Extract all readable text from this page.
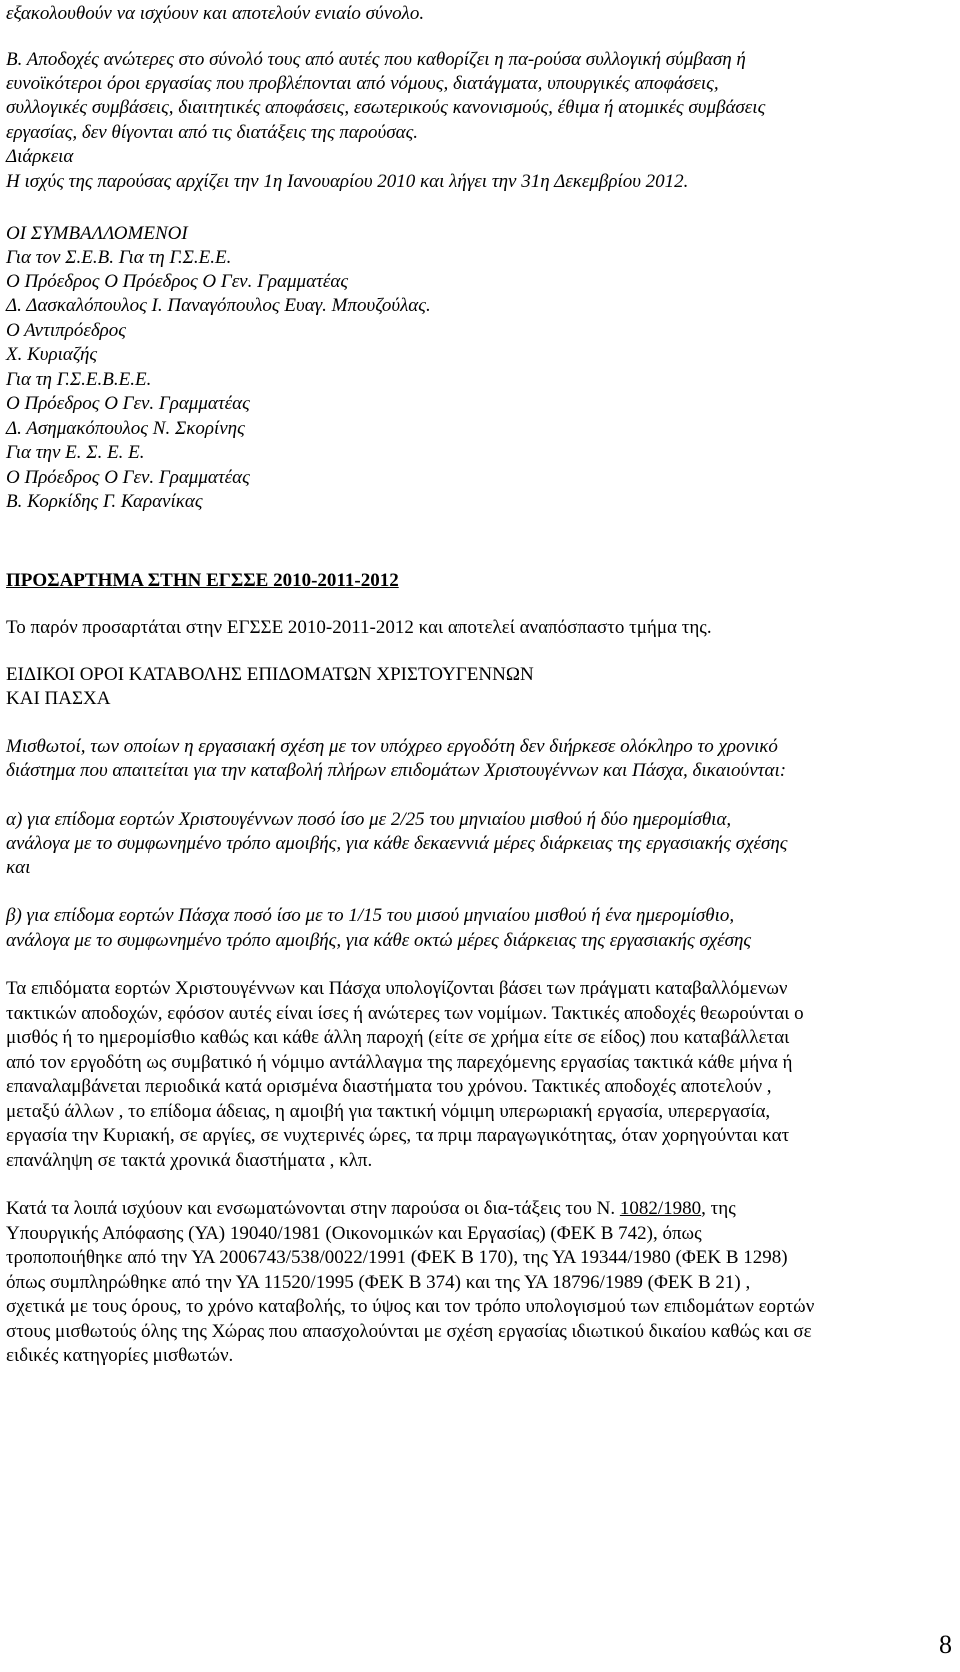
εξακολουθούν να ισχύουν και αποτελούν ενιαίο σύνολο.
Β. Αποδοχές ανώτερες στο σύνολό τους από αυτές που καθορίζει η πα-ρούσα συλλογική σύμβαση ή
ευνοϊκότεροι όροι εργασίας που προβλέπονται από νόμους, διατάγματα, υπουργικές αποφάσεις,
συλλογικές συμβάσεις, διαιτητικές αποφάσεις, εσωτερικούς κανονισμούς, έθιμα ή ατομικές συμβάσεις
εργασίας, δεν θίγονται από τις διατάξεις της παρούσας.
Διάρκεια
Η ισχύς της παρούσας αρχίζει την 1η Ιανουαρίου 2010 και λήγει την 31η Δεκεμβρίου 2012.
ΟΙ ΣΥΜΒΑΛΛΟΜΕΝΟΙ
Για τον Σ.Ε.Β. Για τη Γ.Σ.Ε.Ε.
Ο Πρόεδρος Ο Πρόεδρος Ο Γεν. Γραμματέας
Δ. Δασκαλόπουλος Ι. Παναγόπουλος Ευαγ. Μπουζούλας.
Ο Αντιπρόεδρος
Χ. Κυριαζής
Για τη Γ.Σ.Ε.Β.Ε.Ε.
Ο Πρόεδρος Ο Γεν. Γραμματέας
Δ. Ασημακόπουλος Ν. Σκορίνης
Για την Ε. Σ. Ε. Ε.
Ο Πρόεδρος Ο Γεν. Γραμματέας
Β. Κορκίδης Γ. Καρανίκας
ΠΡΟΣΑΡΤΗΜΑ ΣΤΗΝ ΕΓΣΣΕ 2010-2011-2012
Το παρόν προσαρτάται στην ΕΓΣΣΕ 2010-2011-2012 και αποτελεί αναπόσπαστο τμήμα της.
ΕΙΔΙΚΟΙ ΟΡΟΙ ΚΑΤΑΒΟΛΗΣ ΕΠΙΔΟΜΑΤΩΝ ΧΡΙΣΤΟΥΓΕΝΝΩΝ
ΚΑΙ ΠΑΣΧΑ
Μισθωτοί, των οποίων η εργασιακή σχέση με τον υπόχρεο εργοδότη δεν διήρκεσε ολόκληρο το χρονικό
διάστημα που απαιτείται για την καταβολή πλήρων επιδομάτων Χριστουγέννων και Πάσχα, δικαιούνται:
α) για επίδομα εορτών Χριστουγέννων ποσό ίσο με 2/25 του μηνιαίου μισθού ή δύο ημερομίσθια,
ανάλογα με το συμφωνημένο τρόπο αμοιβής, για κάθε δεκαεννιά μέρες διάρκειας της εργασιακής σχέσης
και
β) για επίδομα εορτών Πάσχα ποσό ίσο με το 1/15 του μισού μηνιαίου μισθού ή ένα ημερομίσθιο,
ανάλογα με το συμφωνημένο τρόπο αμοιβής, για κάθε οκτώ μέρες διάρκειας της εργασιακής σχέσης
Τα επιδόματα εορτών Χριστουγέννων και Πάσχα υπολογίζονται βάσει των πράγματι καταβαλλόμενων
τακτικών αποδοχών, εφόσον αυτές είναι ίσες ή ανώτερες των νομίμων. Τακτικές αποδοχές θεωρούνται ο
μισθός ή το ημερομίσθιο καθώς και κάθε άλλη παροχή (είτε σε χρήμα είτε σε είδος) που καταβάλλεται
από τον εργοδότη ως συμβατικό ή νόμιμο αντάλλαγμα της παρεχόμενης εργασίας τακτικά κάθε μήνα ή
επαναλαμβάνεται περιοδικά κατά ορισμένα διαστήματα του χρόνου. Τακτικές αποδοχές αποτελούν ,
μεταξύ άλλων , το επίδομα άδειας, η αμοιβή για τακτική νόμιμη υπερωριακή εργασία, υπερεργασία,
εργασία την Κυριακή, σε αργίες, σε νυχτερινές ώρες, τα πριμ παραγωγικότητας, όταν χορηγούνται κατ
επανάληψη σε τακτά χρονικά διαστήματα , κλπ.
Κατά τα λοιπά ισχύουν και ενσωματώνονται στην παρούσα οι δια-τάξεις του Ν. 1082/1980, της
Υπουργικής Απόφασης (ΥΑ) 19040/1981 (Οικονομικών και Εργασίας) (ΦΕΚ Β 742), όπως
τροποποιήθηκε από την ΥΑ 2006743/538/0022/1991 (ΦΕΚ Β 170), της ΥΑ 19344/1980 (ΦΕΚ Β 1298)
όπως συμπληρώθηκε από την ΥΑ 11520/1995 (ΦΕΚ Β 374) και της ΥΑ 18796/1989 (ΦΕΚ Β 21) ,
σχετικά με τους όρους, το χρόνο καταβολής, το ύψος και τον τρόπο υπολογισμού των επιδομάτων εορτών
στους μισθωτούς όλης της Χώρας που απασχολούνται με σχέση εργασίας ιδιωτικού δικαίου καθώς και σε
ειδικές κατηγορίες μισθωτών.
8
